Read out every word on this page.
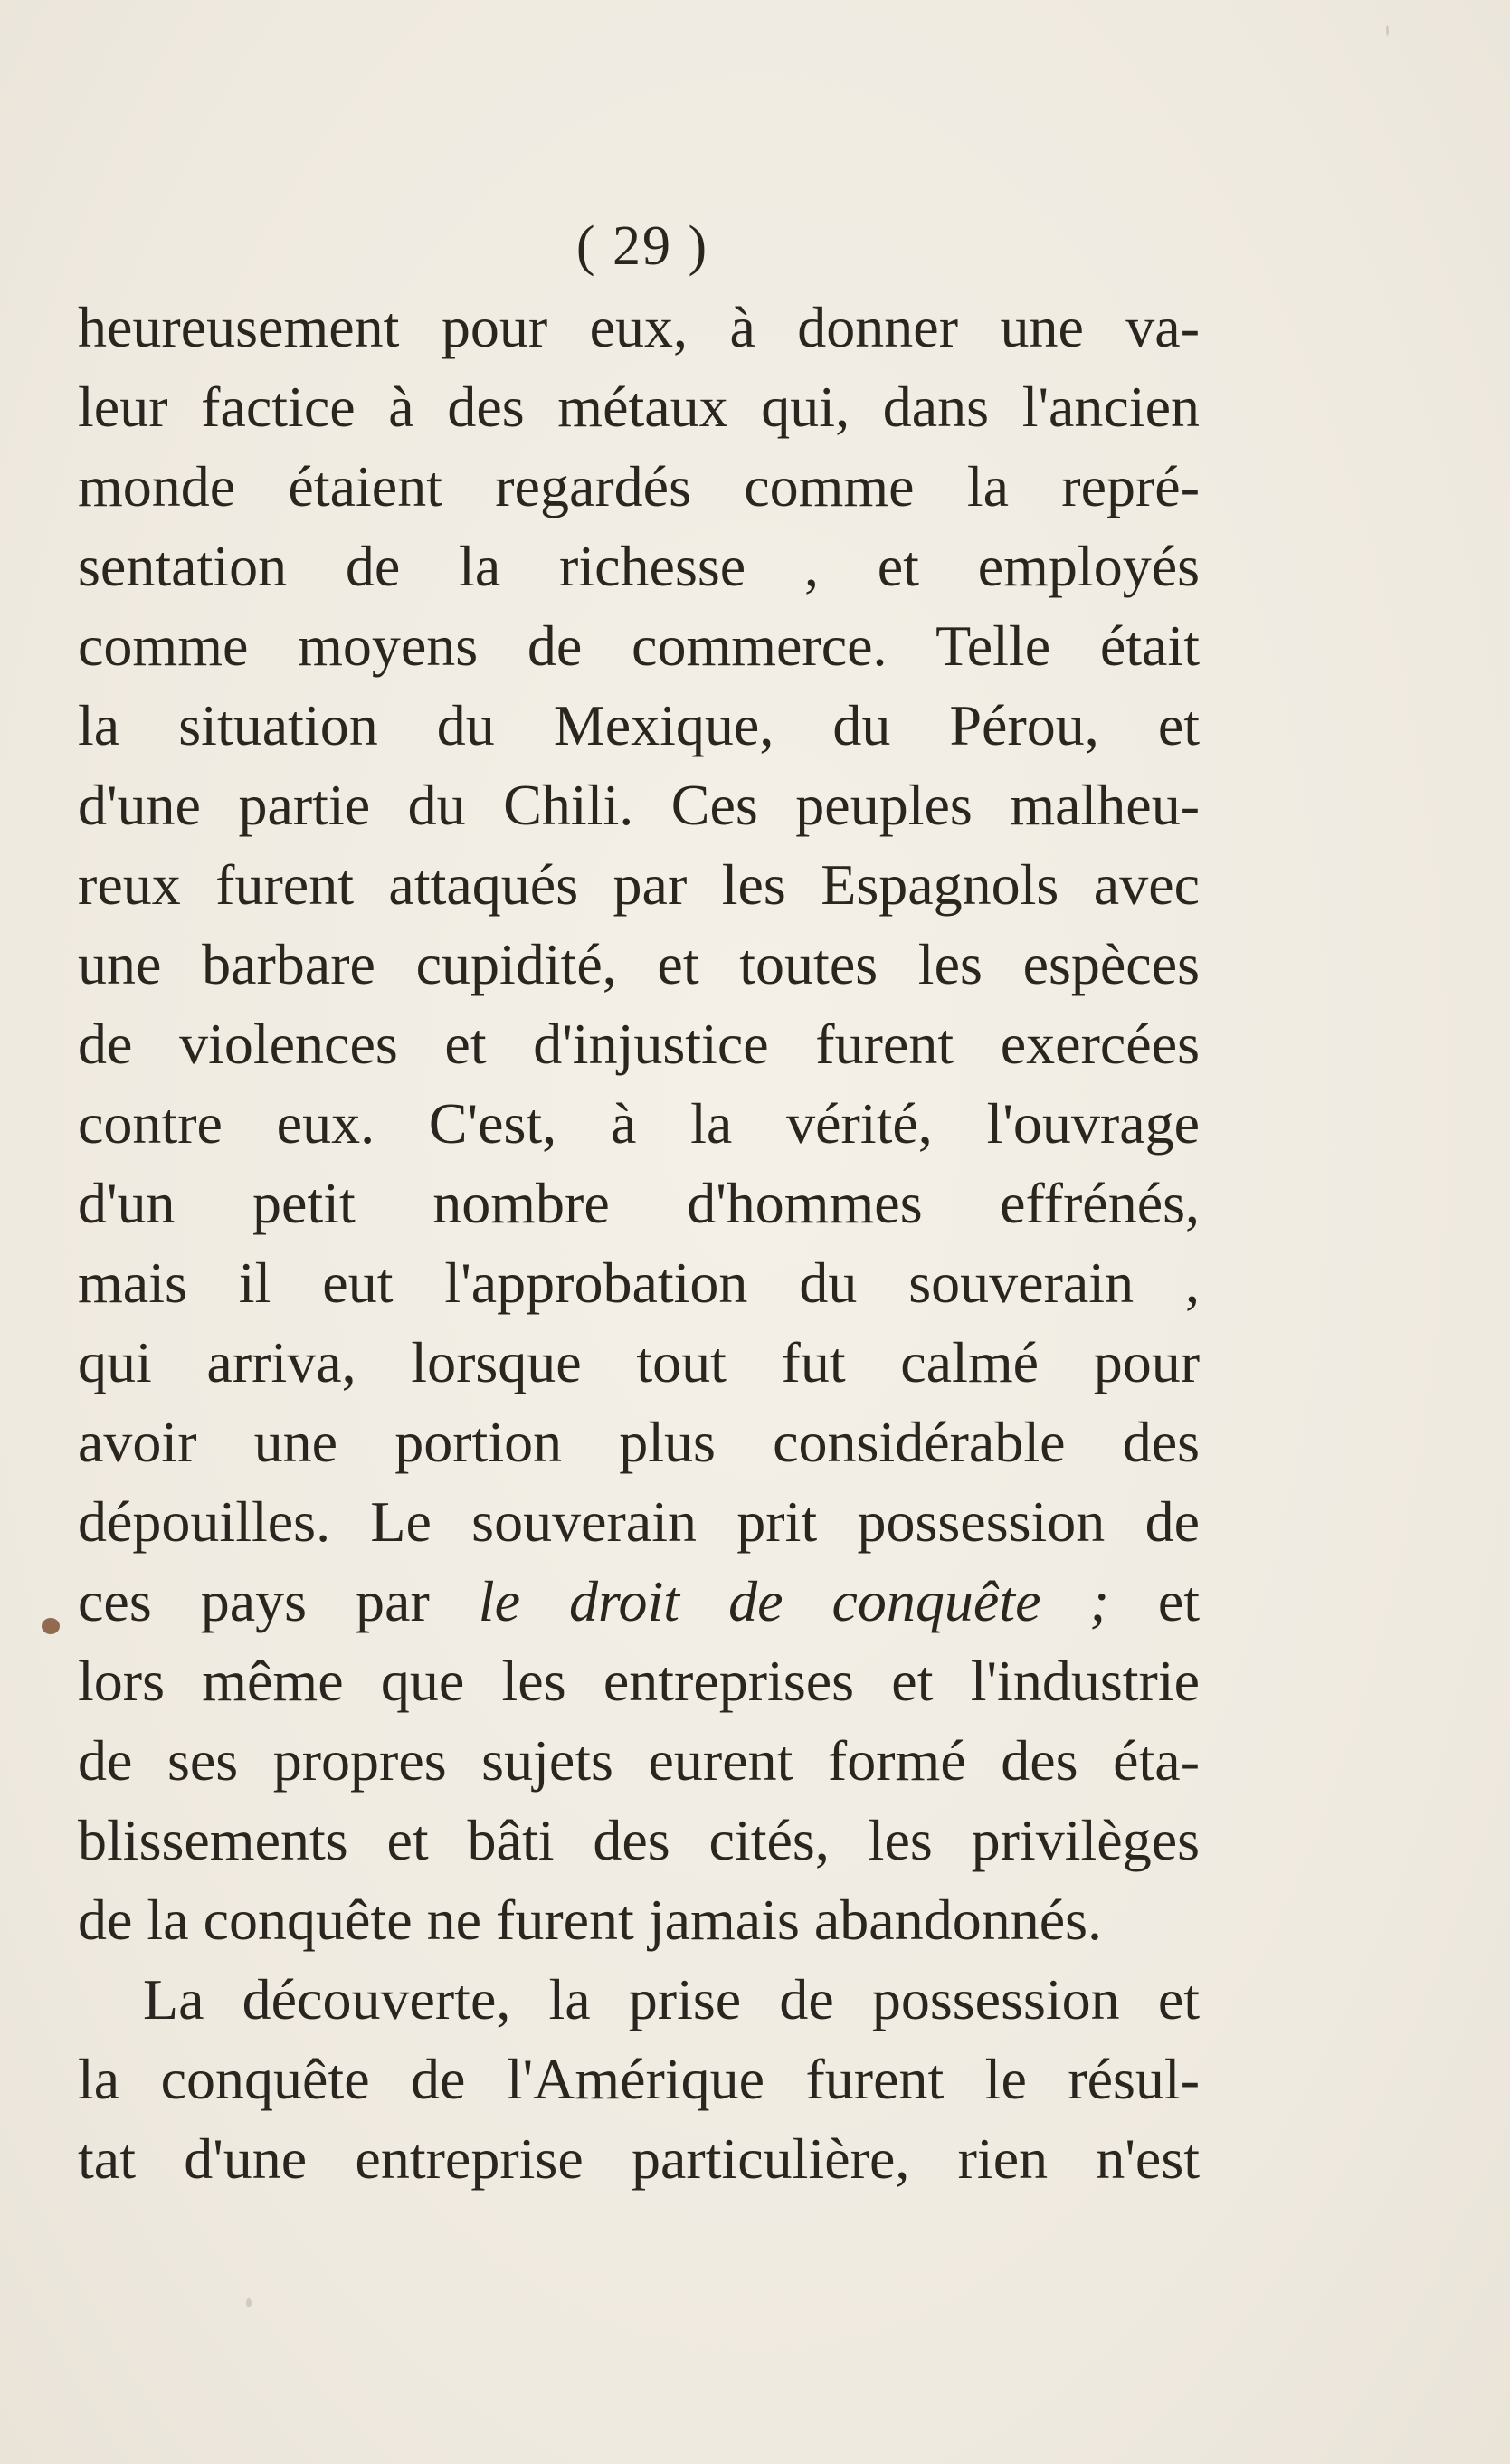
( 29 )
heureusement pour eux, à donner une va-
leur factice à des métaux qui, dans l'ancien
monde étaient regardés comme la repré-
sentation de la richesse , et employés
comme moyens de commerce. Telle était
la situation du Mexique, du Pérou, et
d'une partie du Chili. Ces peuples malheu-
reux furent attaqués par les Espagnols avec
une barbare cupidité, et toutes les espèces
de violences et d'injustice furent exercées
contre eux. C'est, à la vérité, l'ouvrage
d'un petit nombre d'hommes effrénés,
mais il eut l'approbation du souverain ,
qui arriva, lorsque tout fut calmé pour
avoir une portion plus considérable des
dépouilles. Le souverain prit possession de
ces pays par le droit de conquête ; et
lors même que les entreprises et l'industrie
de ses propres sujets eurent formé des éta-
blissements et bâti des cités, les privilèges
de la conquête ne furent jamais abandonnés.
La découverte, la prise de possession et
la conquête de l'Amérique furent le résul-
tat d'une entreprise particulière, rien n'est
